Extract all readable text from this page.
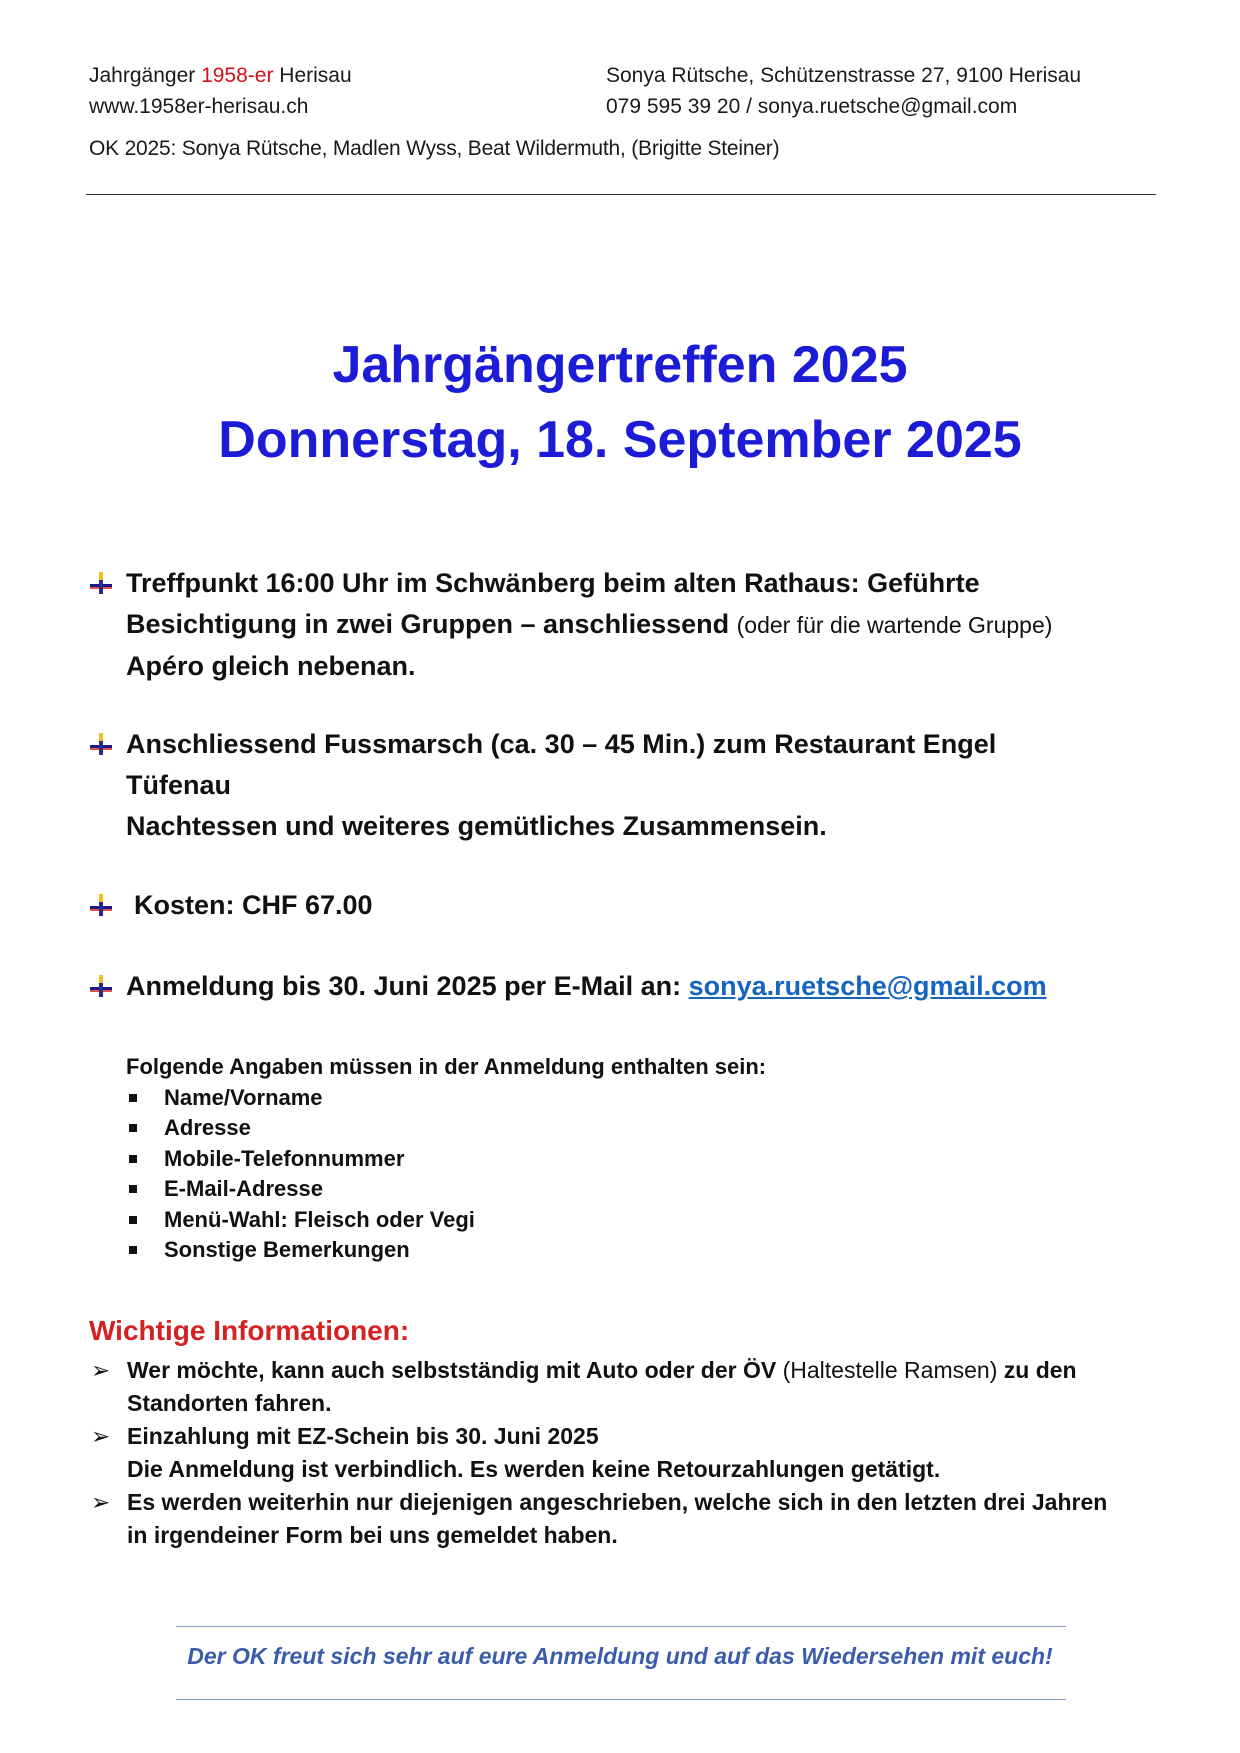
Jahrgänger 1958-er Herisau
www.1958er-herisau.ch
Sonya Rütsche, Schützenstrasse 27, 9100 Herisau
079 595 39 20 / sonya.ruetsche@gmail.com
OK 2025: Sonya Rütsche, Madlen Wyss, Beat Wildermuth, (Brigitte Steiner)
Jahrgängertreffen 2025
Donnerstag, 18. September 2025
Treffpunkt 16:00 Uhr im Schwänberg beim alten Rathaus: Geführte
Besichtigung in zwei Gruppen – anschliessend (oder für die wartende Gruppe)
Apéro gleich nebenan.
Anschliessend Fussmarsch (ca. 30 – 45 Min.) zum Restaurant Engel
Tüfenau
Nachtessen und weiteres gemütliches Zusammensein.
Kosten: CHF 67.00
Anmeldung bis 30. Juni 2025 per E-Mail an: sonya.ruetsche@gmail.com
Folgende Angaben müssen in der Anmeldung enthalten sein:
Name/Vorname
Adresse
Mobile-Telefonnummer
E-Mail-Adresse
Menü-Wahl: Fleisch oder Vegi
Sonstige Bemerkungen
Wichtige Informationen:
➢ Wer möchte, kann auch selbstständig mit Auto oder der ÖV (Haltestelle Ramsen) zu den
Standorten fahren.
➢ Einzahlung mit EZ-Schein bis 30. Juni 2025
Die Anmeldung ist verbindlich. Es werden keine Retourzahlungen getätigt.
➢ Es werden weiterhin nur diejenigen angeschrieben, welche sich in den letzten drei Jahren
in irgendeiner Form bei uns gemeldet haben.
Der OK freut sich sehr auf eure Anmeldung und auf das Wiedersehen mit euch!
